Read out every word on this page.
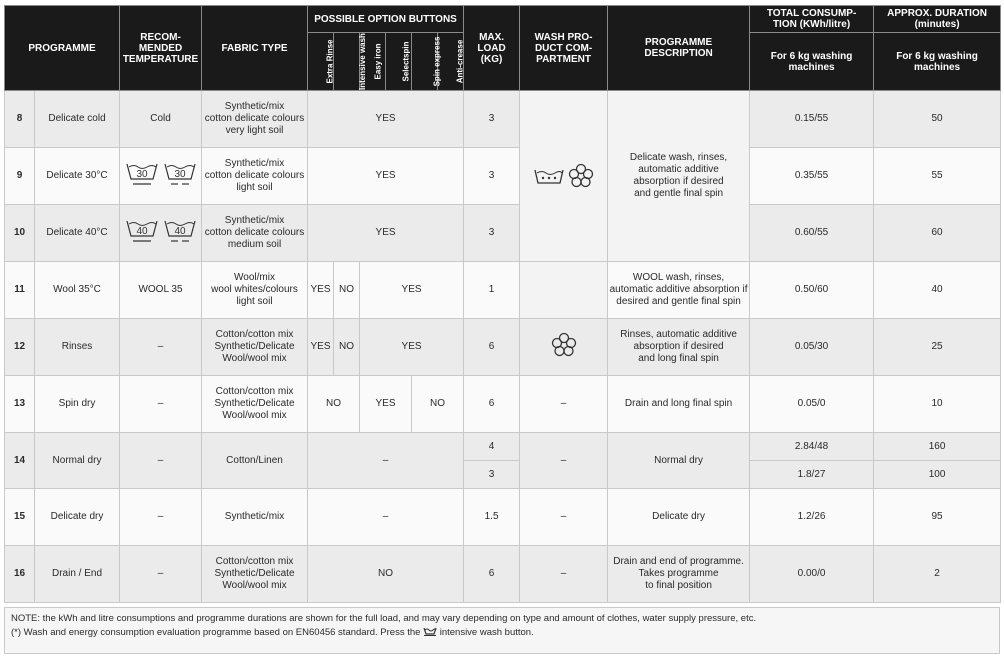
PROGRAMME		RECOM-
MENDED
TEMPERATURE	FABRIC TYPE	POSSIBLE OPTION BUTTONS						MAX.
LOAD
(KG)	WASH PRO-
DUCT COM-
PARTMENT	PROGRAMME
DESCRIPTION	TOTAL CONSUMP-
TION (KWh/litre)	APPROX. DURATION
(minutes)

				Extra Rinse	Intensive wash	Easy iron	Selectspin	Spin express	Anti-crease				For 6 kg washing
machines	For 6 kg washing
machines

8	Delicate cold	Cold	Synthetic/mix
cotton delicate colours
very light soil	YES						3		Delicate wash, rinses,
automatic additive
absorption if desired
and gentle final spin	0.15/55	50
9	Delicate 30°C	30 30	Synthetic/mix
cotton delicate colours
light soil	YES						3			0.35/55	55
10	Delicate 40°C	40 40	Synthetic/mix
cotton delicate colours
medium soil	YES						3			0.60/55	60
11	Wool 35°C	WOOL 35	Wool/mix
wool whites/colours
light soil	YES	NO	YES				1		WOOL wash, rinses,
automatic additive absorption if
desired and gentle final spin	0.50/60	40
12	Rinses	–	Cotton/cotton mix
Synthetic/Delicate
Wool/wool mix	YES	NO	YES				6		Rinses, automatic additive
absorption if desired
and long final spin	0.05/30	25
13	Spin dry	–	Cotton/cotton mix
Synthetic/Delicate
Wool/wool mix	NO		YES		NO		6	–	Drain and long final spin	0.05/0	10
14	Normal dry	–	Cotton/Linen	–						4	–	Normal dry	2.84/48	160
										3			1.8/27	100
15	Delicate dry	–	Synthetic/mix	–						1.5	–	Delicate dry	1.2/26	95
16	Drain / End	–	Cotton/cotton mix
Synthetic/Delicate
Wool/wool mix	NO						6	–	Drain and end of programme.
Takes programme
to final position	0.00/0	2
NOTE: the kWh and litre consumptions and programme durations are shown for the full load, and may vary depending on type and amount of clothes, water supply pressure, etc.
(*) Wash and energy consumption evaluation programme based on EN60456 standard. Press the intensive wash button.
